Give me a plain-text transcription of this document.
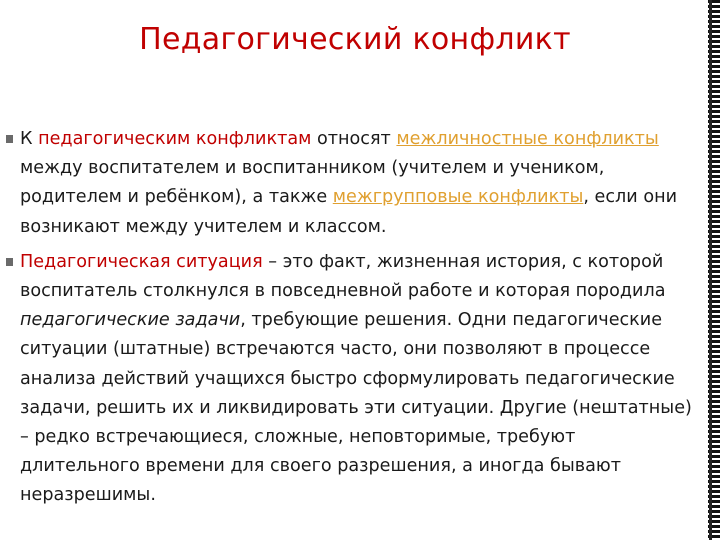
Педагогический конфликт

К педагогическим конфликтам относят межличностные конфликты между воспитателем и воспитанником (учителем и учеником, родителем и ребёнком), а также межгрупповые конфликты, если они возникают между учителем и классом.

Педагогическая ситуация – это факт, жизненная история, с которой воспитатель столкнулся в повседневной работе и которая породила педагогические задачи, требующие решения. Одни педагогические ситуации (штатные) встречаются часто, они позволяют в процессе анализа действий учащихся быстро сформулировать педагогические задачи, решить их и ликвидировать эти ситуации. Другие (нештатные) – редко встречающиеся, сложные, неповторимые, требуют длительного времени для своего разрешения, а иногда бывают неразрешимы.
